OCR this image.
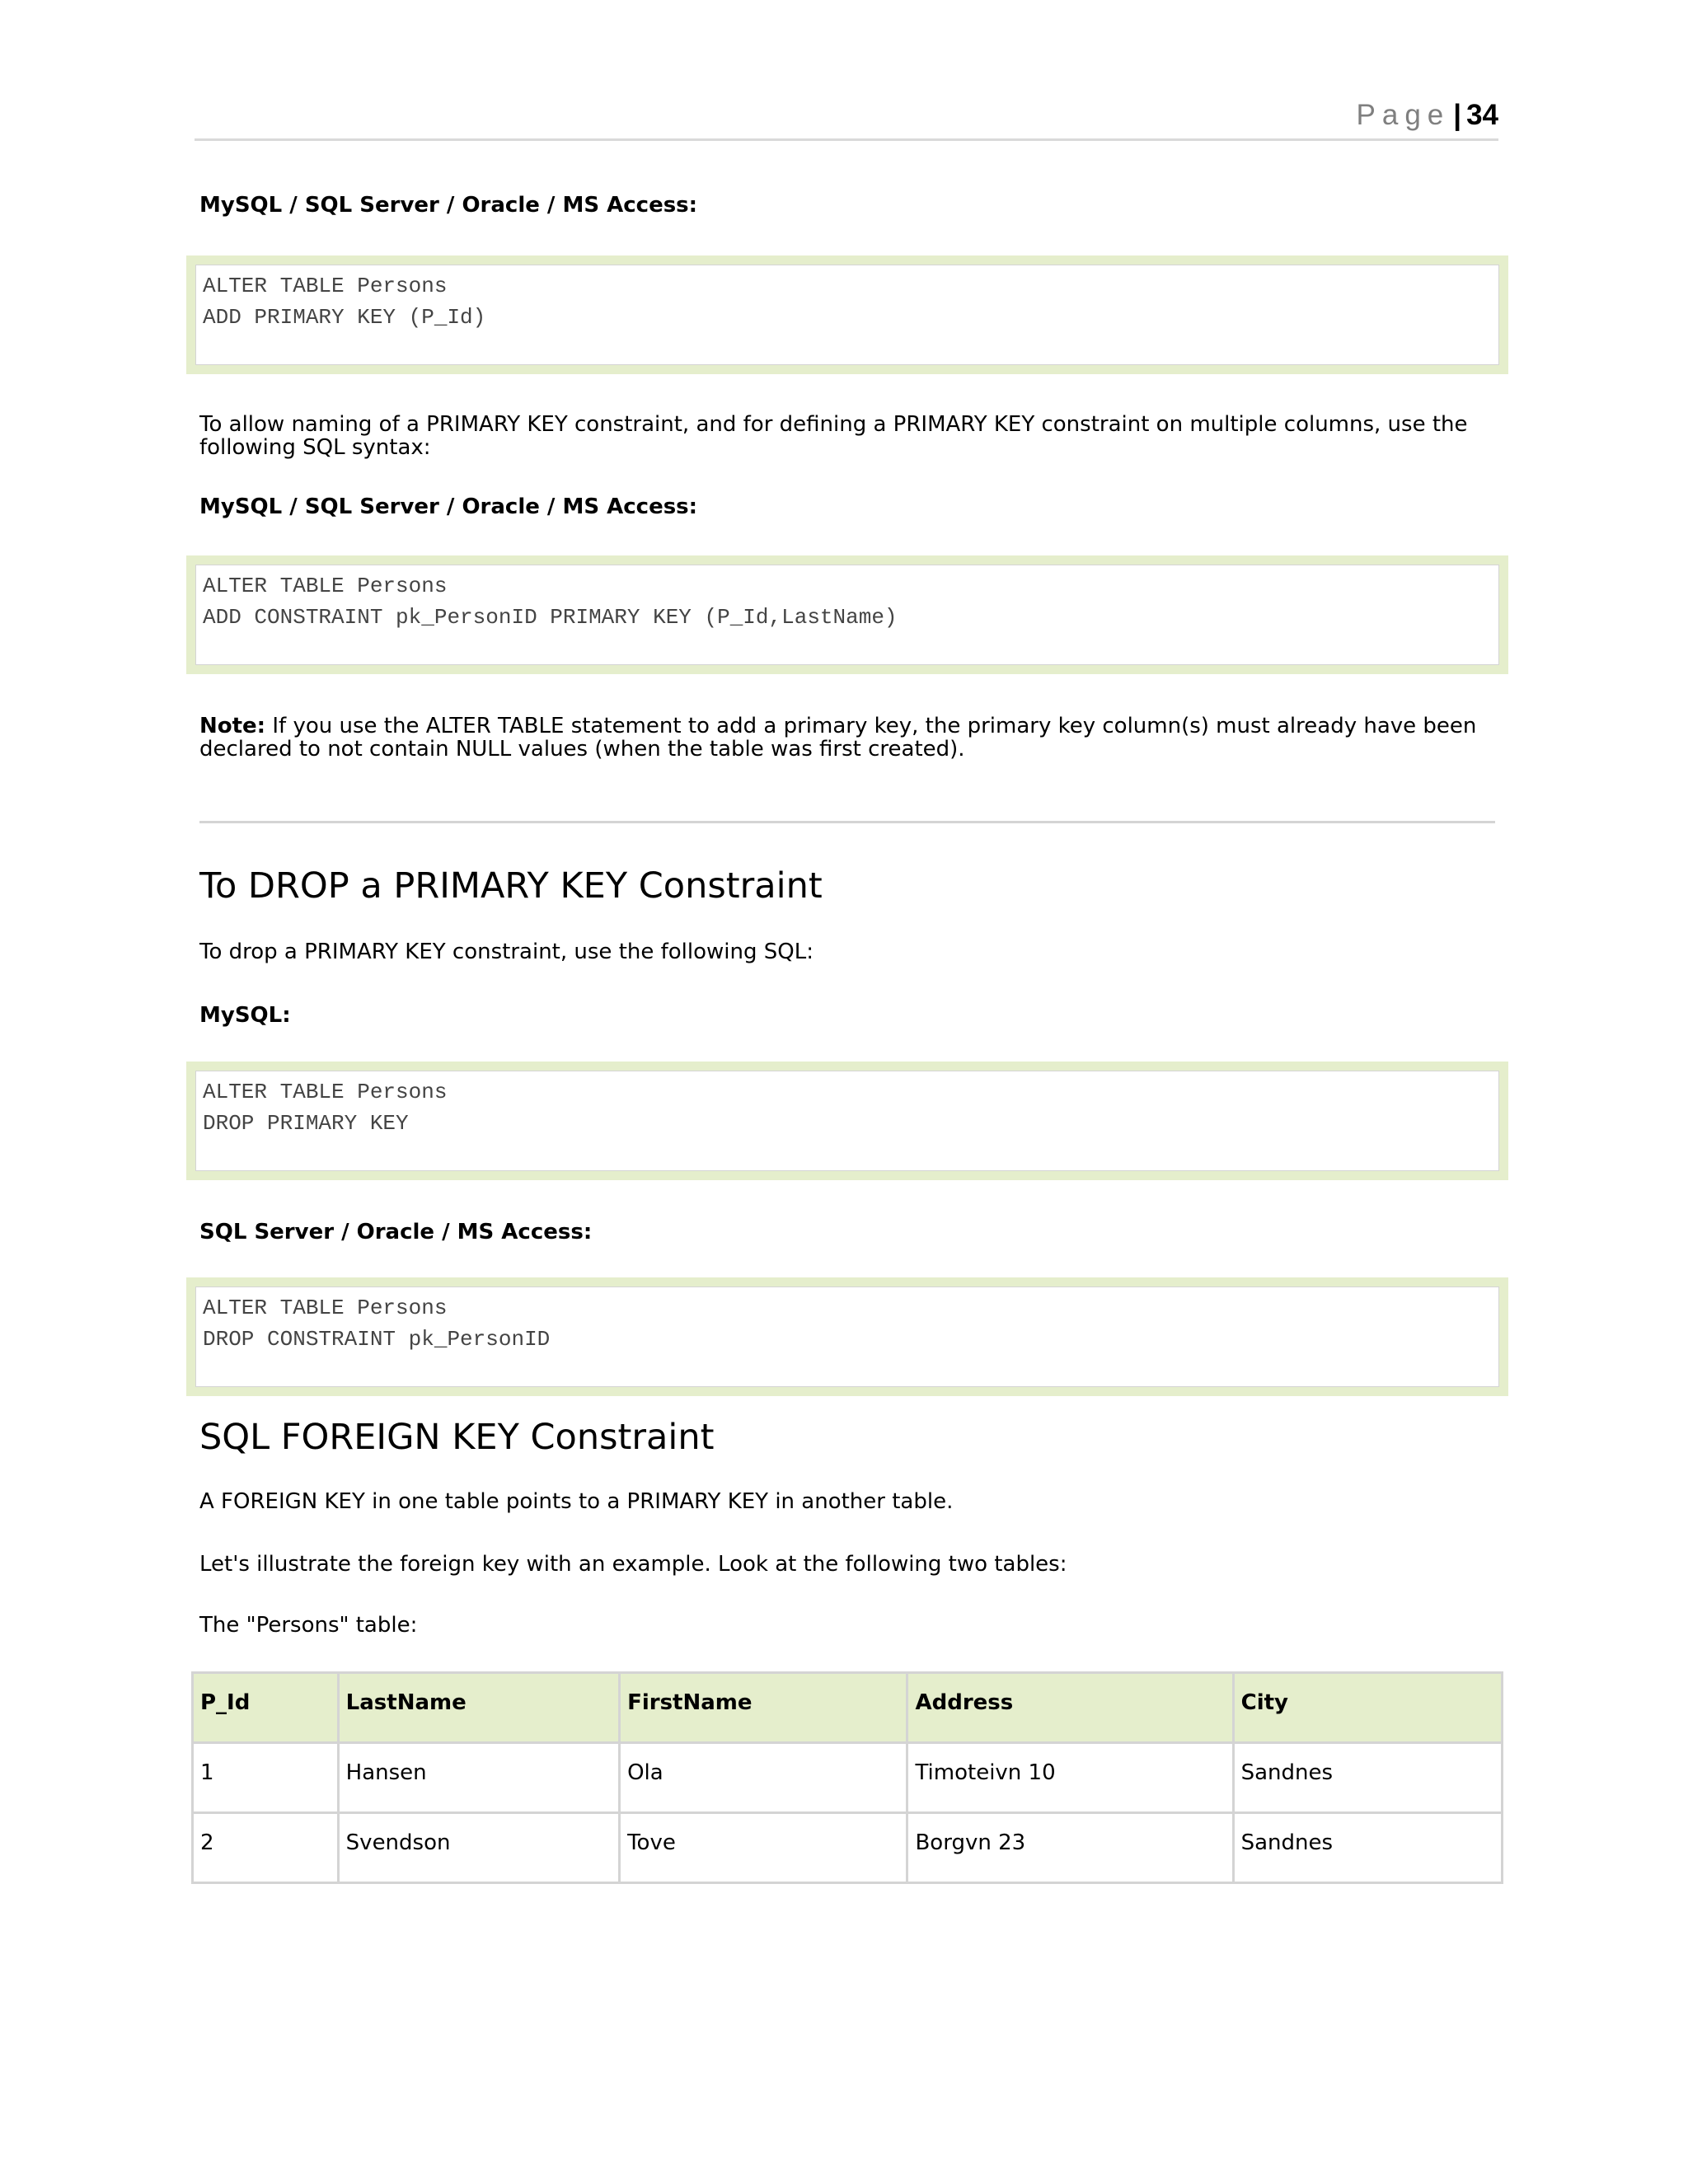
Page | 34

MySQL / SQL Server / Oracle / MS Access:

ALTER TABLE Persons
ADD PRIMARY KEY (P_Id)

To allow naming of a PRIMARY KEY constraint, and for defining a PRIMARY KEY constraint on multiple columns, use the following SQL syntax:

MySQL / SQL Server / Oracle / MS Access:

ALTER TABLE Persons
ADD CONSTRAINT pk_PersonID PRIMARY KEY (P_Id,LastName)

Note: If you use the ALTER TABLE statement to add a primary key, the primary key column(s) must already have been declared to not contain NULL values (when the table was first created).

To DROP a PRIMARY KEY Constraint

To drop a PRIMARY KEY constraint, use the following SQL:

MySQL:

ALTER TABLE Persons
DROP PRIMARY KEY

SQL Server / Oracle / MS Access:

ALTER TABLE Persons
DROP CONSTRAINT pk_PersonID
SQL FOREIGN KEY Constraint

A FOREIGN KEY in one table points to a PRIMARY KEY in another table.

Let's illustrate the foreign key with an example. Look at the following two tables:

The "Persons" table:

P_Id	LastName	FirstName	Address	City
1	Hansen	Ola	Timoteivn 10	Sandnes
2	Svendson	Tove	Borgvn 23	Sandnes
